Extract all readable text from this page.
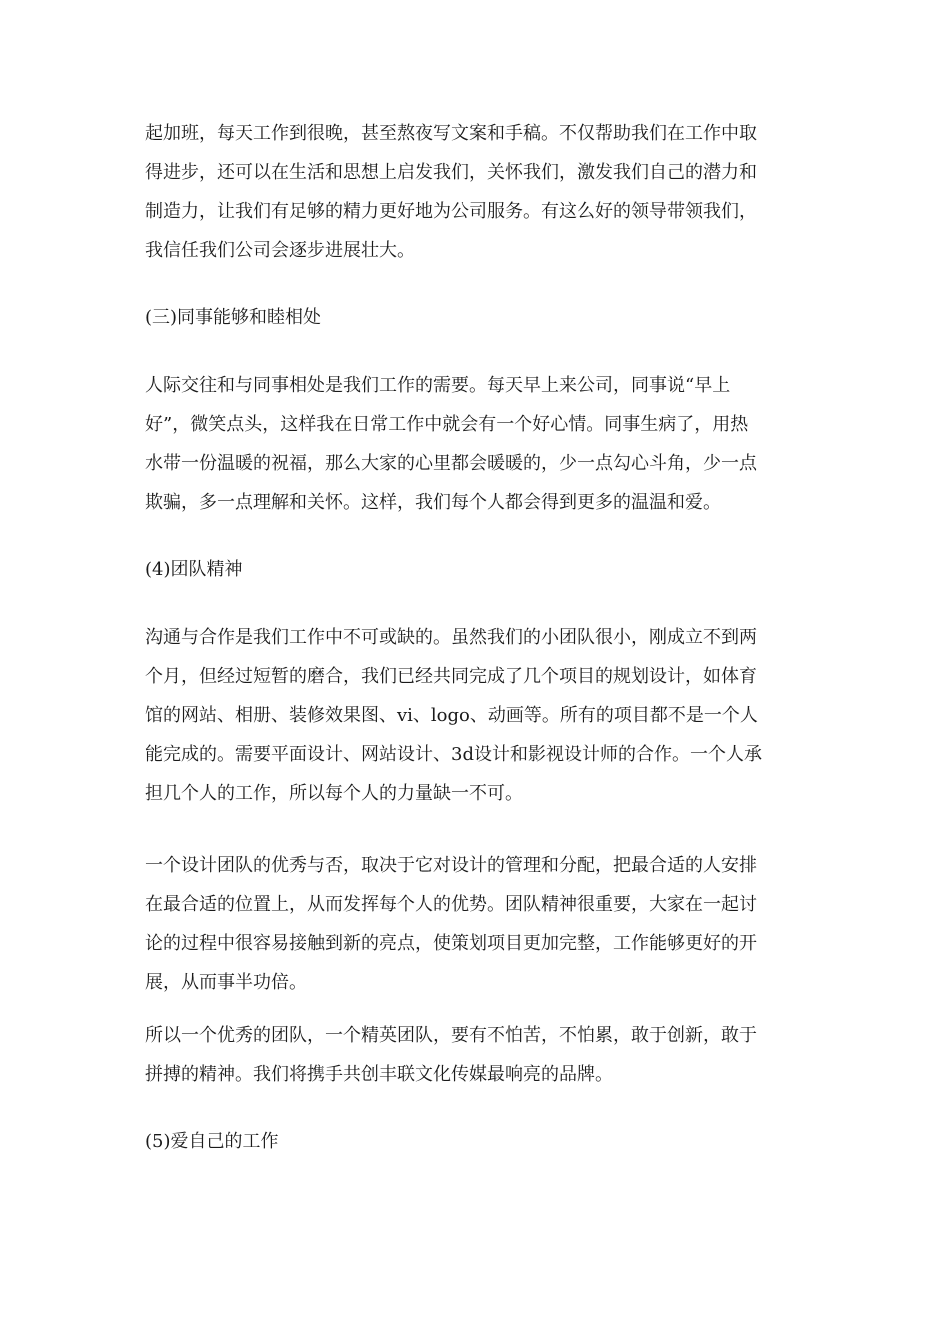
起加班，每天工作到很晚，甚至熬夜写文案和手稿。不仅帮助我们在工作中取
得进步，还可以在生活和思想上启发我们，关怀我们，激发我们自己的潜力和
制造力，让我们有足够的精力更好地为公司服务。有这么好的领导带领我们，
我信任我们公司会逐步进展壮大。
(三)同事能够和睦相处
人际交往和与同事相处是我们工作的需要。每天早上来公司，同事说“早上
好”，微笑点头，这样我在日常工作中就会有一个好心情。同事生病了，用热
水带一份温暖的祝福，那么大家的心里都会暖暖的，少一点勾心斗角，少一点
欺骗，多一点理解和关怀。这样，我们每个人都会得到更多的温温和爱。
(4)团队精神
沟通与合作是我们工作中不可或缺的。虽然我们的小团队很小，刚成立不到两
个月，但经过短暂的磨合，我们已经共同完成了几个项目的规划设计，如体育
馆的网站、相册、装修效果图、vi、logo、动画等。所有的项目都不是一个人
能完成的。需要平面设计、网站设计、3d设计和影视设计师的合作。一个人承
担几个人的工作，所以每个人的力量缺一不可。
一个设计团队的优秀与否，取决于它对设计的管理和分配，把最合适的人安排
在最合适的位置上，从而发挥每个人的优势。团队精神很重要，大家在一起讨
论的过程中很容易接触到新的亮点，使策划项目更加完整，工作能够更好的开
展，从而事半功倍。
所以一个优秀的团队，一个精英团队，要有不怕苦，不怕累，敢于创新，敢于
拼搏的精神。我们将携手共创丰联文化传媒最响亮的品牌。
(5)爱自己的工作
